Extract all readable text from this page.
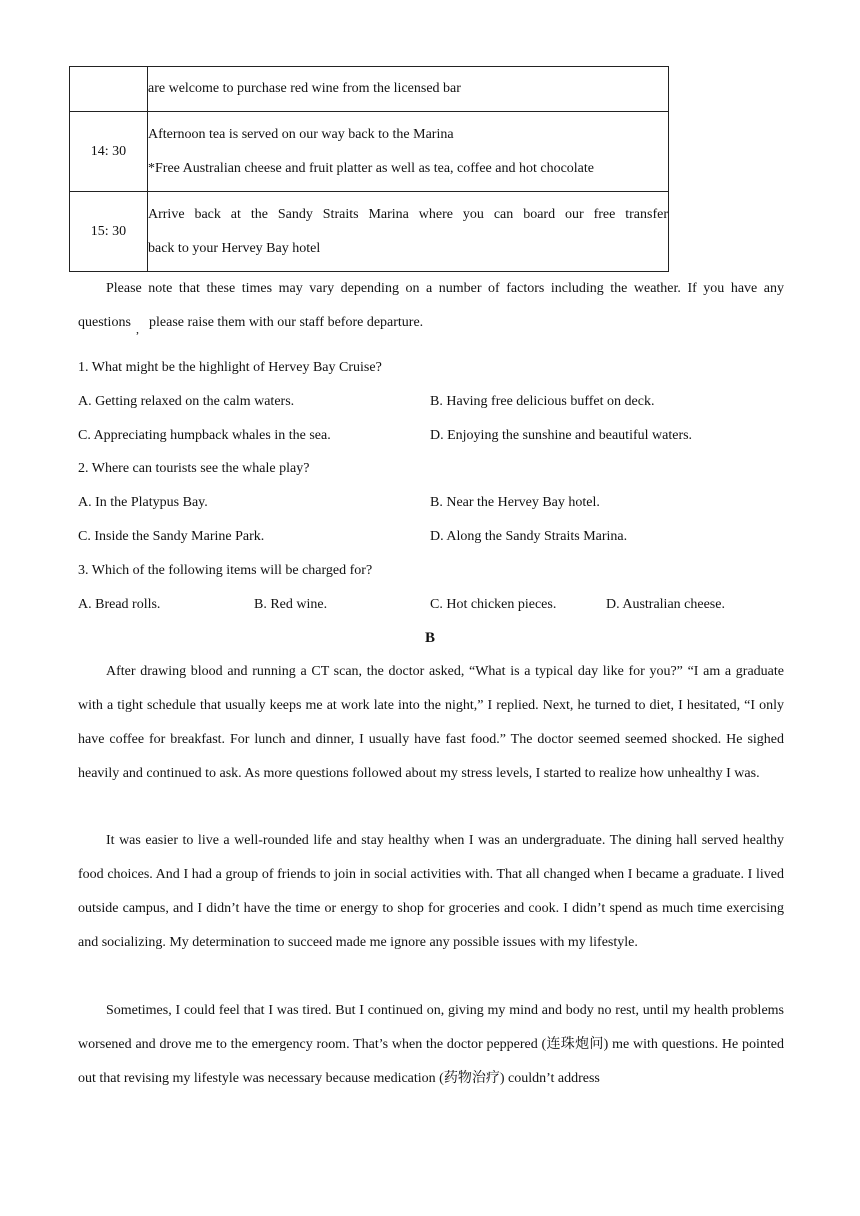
	are welcome to purchase red wine from the licensed bar

14: 30	Afternoon tea is served on our way back to the Marina
*Free Australian cheese and fruit platter as well as tea, coffee and hot chocolate

15: 30	Arrive back at the Sandy Straits Marina where you can board our free transfer
back to your Hervey Bay hotel
Please note that these times may vary depending on a number of factors including the weather. If you have any
questions , please raise them with our staff before departure.
1. What might be the highlight of Hervey Bay Cruise?
A. Getting relaxed on the calm waters.	B. Having free delicious buffet on deck.
C. Appreciating humpback whales in the sea.	D. Enjoying the sunshine and beautiful waters.
2. Where can tourists see the whale play?
A. In the Platypus Bay.	B. Near the Hervey Bay hotel.
C. Inside the Sandy Marine Park.	D. Along the Sandy Straits Marina.
3. Which of the following items will be charged for?
A. Bread rolls.	B. Red wine.	C. Hot chicken pieces.	D. Australian cheese.
B
After drawing blood and running a CT scan, the doctor asked, “What is a typical day like for you?” “I am a graduate with a tight schedule that usually keeps me at work late into the night,” I replied. Next, he turned to diet, I hesitated, “I only have coffee for breakfast. For lunch and dinner, I usually have fast food.” The doctor seemed seemed shocked. He sighed heavily and continued to ask. As more questions followed about my stress levels, I started to realize how unhealthy I was.
It was easier to live a well-rounded life and stay healthy when I was an undergraduate. The dining hall served healthy food choices. And I had a group of friends to join in social activities with. That all changed when I became a graduate. I lived outside campus, and I didn’t have the time or energy to shop for groceries and cook. I didn’t spend as much time exercising and socializing. My determination to succeed made me ignore any possible issues with my lifestyle.
Sometimes, I could feel that I was tired. But I continued on, giving my mind and body no rest, until my health problems worsened and drove me to the emergency room. That’s when the doctor peppered (连珠炮问) me with questions. He pointed out that revising my lifestyle was necessary because medication (药物治疗) couldn’t address
